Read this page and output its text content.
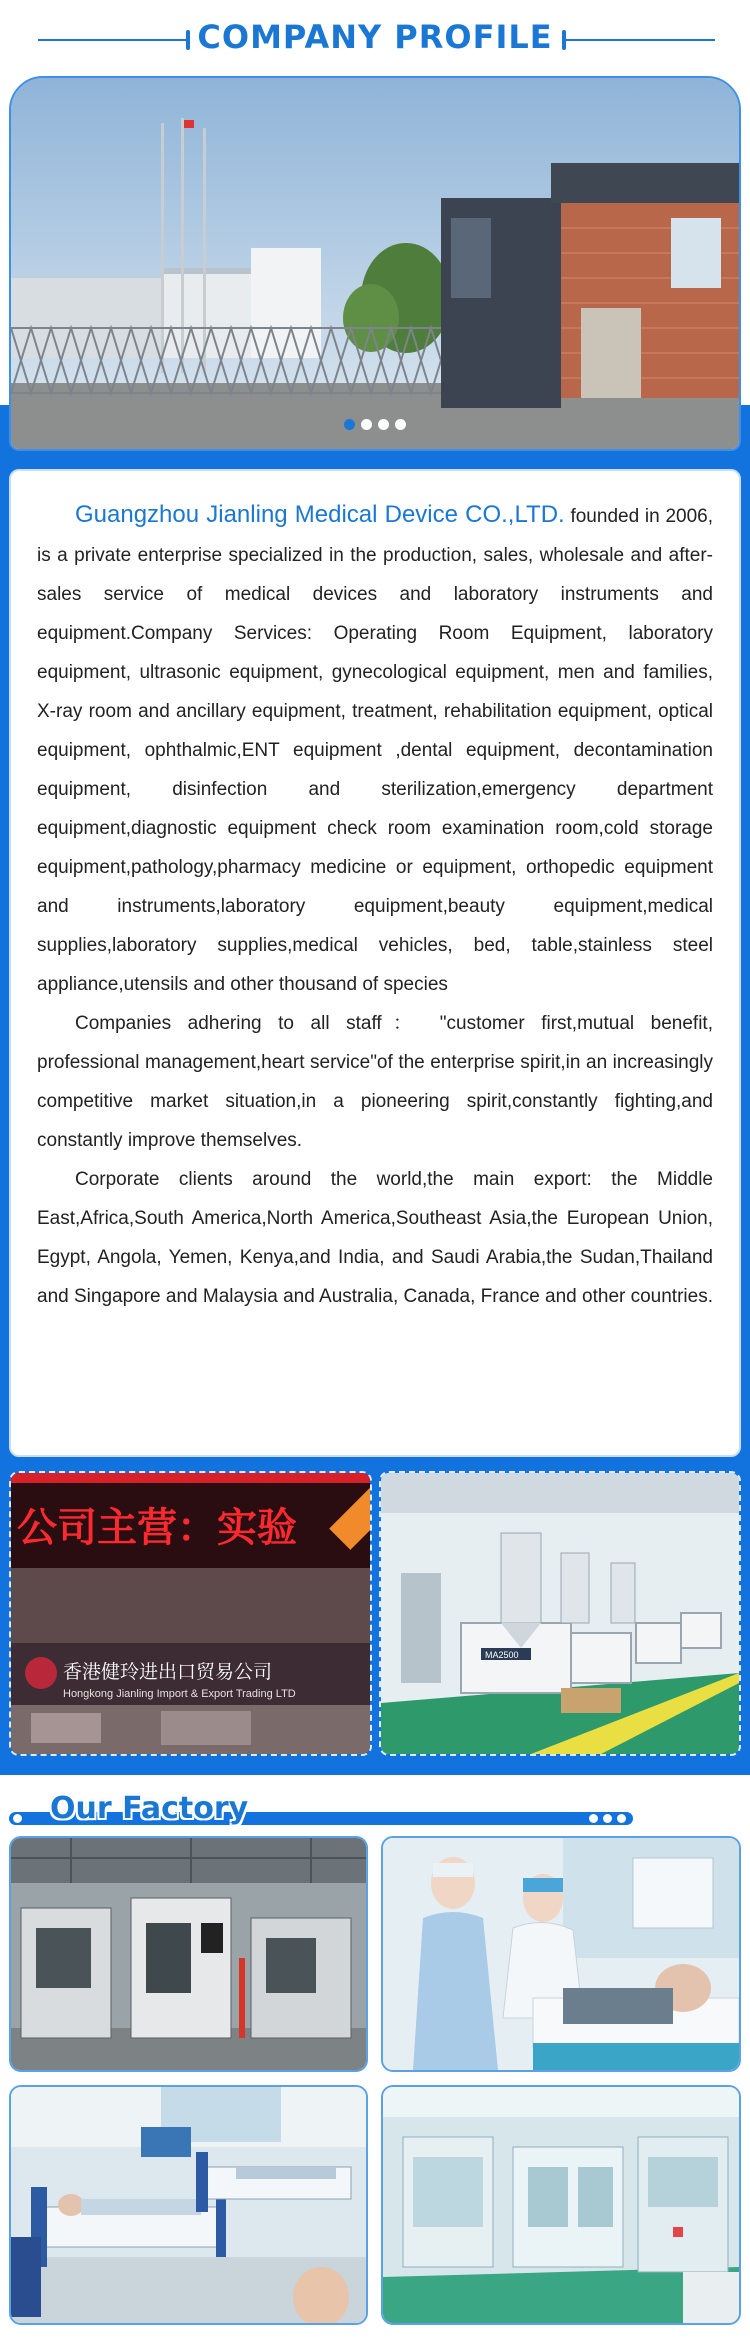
COMPANY PROFILE

Guangzhou Jianling Medical Device CO.,LTD. founded in 2006, is a private enterprise specialized in the production, sales, wholesale and after-sales service of medical devices and laboratory instruments and equipment.Company Services: Operating Room Equipment, laboratory equipment, ultrasonic equipment, gynecological equipment, men and families, X-ray room and ancillary equipment, treatment, rehabilitation equipment, optical equipment, ophthalmic,ENT equipment ,dental equipment, decontamination equipment, disinfection and sterilization,emergency department equipment,diagnostic equipment check room examination room,cold storage equipment,pathology,pharmacy medicine or equipment, orthopedic equipment and instruments,laboratory equipment,beauty equipment,medical supplies,laboratory supplies,medical vehicles, bed, table,stainless steel appliance,utensils and other thousand of species

Companies adhering to all staff： "customer first,mutual benefit, professional management,heart service"of the enterprise spirit,in an increasingly competitive market situation,in a pioneering spirit,constantly fighting,and constantly improve themselves.

Corporate clients around the world,the main export: the Middle East,Africa,South America,North America,Southeast Asia,the European Union, Egypt, Angola, Yemen, Kenya,and India, and Saudi Arabia,the Sudan,Thailand and Singapore and Malaysia and Australia, Canada, France and other countries.

公司主营：实验
香港健玲进出口贸易公司
Hongkong Jianling Import & Export Trading LTD
MA2500
Our Factory
